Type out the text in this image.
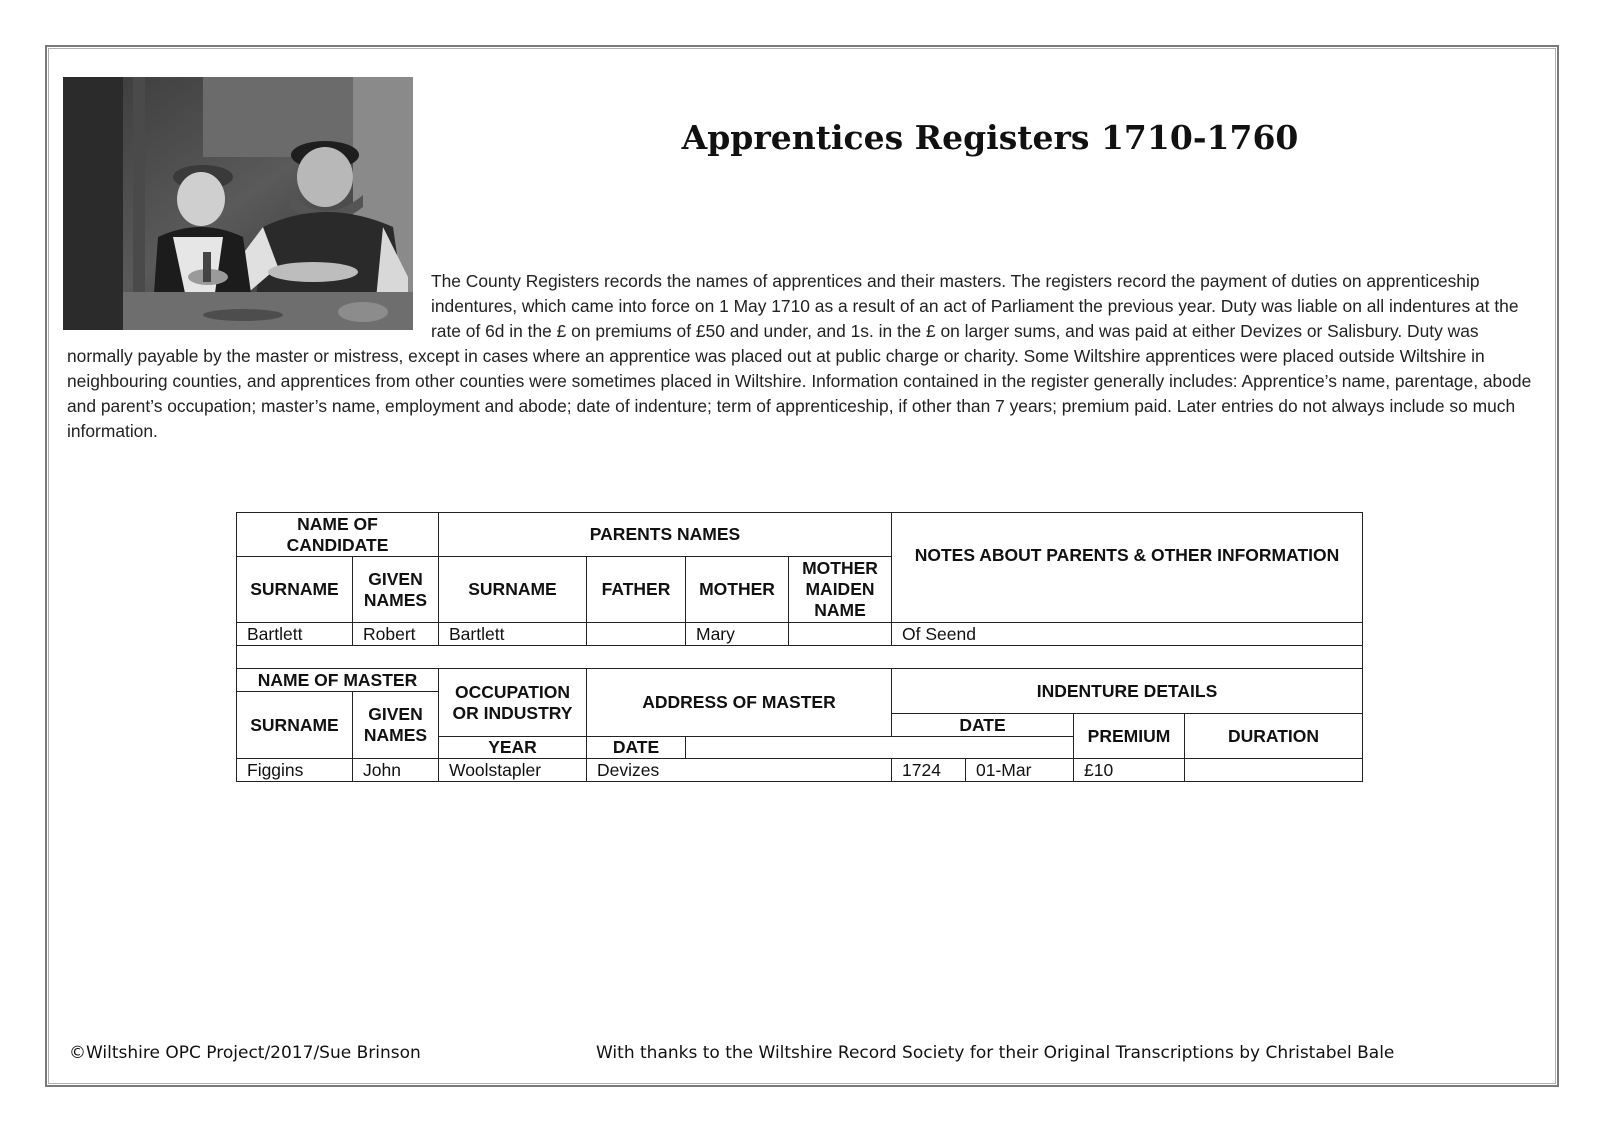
Apprentices Registers 1710-1760

The County Registers records the names of apprentices and their masters. The registers record the payment of duties on apprenticeship indentures, which came into force on 1 May 1710 as a result of an act of Parliament the previous year. Duty was liable on all indentures at the rate of 6d in the £ on premiums of £50 and under, and 1s. in the £ on larger sums, and was paid at either Devizes or Salisbury. Duty was normally payable by the master or mistress, except in cases where an apprentice was placed out at public charge or charity. Some Wiltshire apprentices were placed outside Wiltshire in neighbouring counties, and apprentices from other counties were sometimes placed in Wiltshire. Information contained in the register generally includes: Apprentice’s name, parentage, abode and parent’s occupation; master’s name, employment and abode; date of indenture; term of apprenticeship, if other than 7 years; premium paid. Later entries do not always include so much information.

NAME OF CANDIDATE		PARENTS NAMES				NOTES ABOUT PARENTS & OTHER INFORMATION			
SURNAME	GIVEN NAMES	SURNAME	FATHER	MOTHER	MOTHER MAIDEN NAME				
Bartlett	Robert	Bartlett		Mary		Of Seend			

NAME OF MASTER		OCCUPATION OR INDUSTRY	ADDRESS OF MASTER			INDENTURE DETAILS			
SURNAME	GIVEN NAMES								
						DATE		PREMIUM	DURATION
		YEAR	DATE						
Figgins	John	Woolstapler	Devizes			1724	01-Mar	£10	
©Wiltshire OPC Project/2017/Sue Brinson	With thanks to the Wiltshire Record Society for their Original Transcriptions by Christabel Bale
